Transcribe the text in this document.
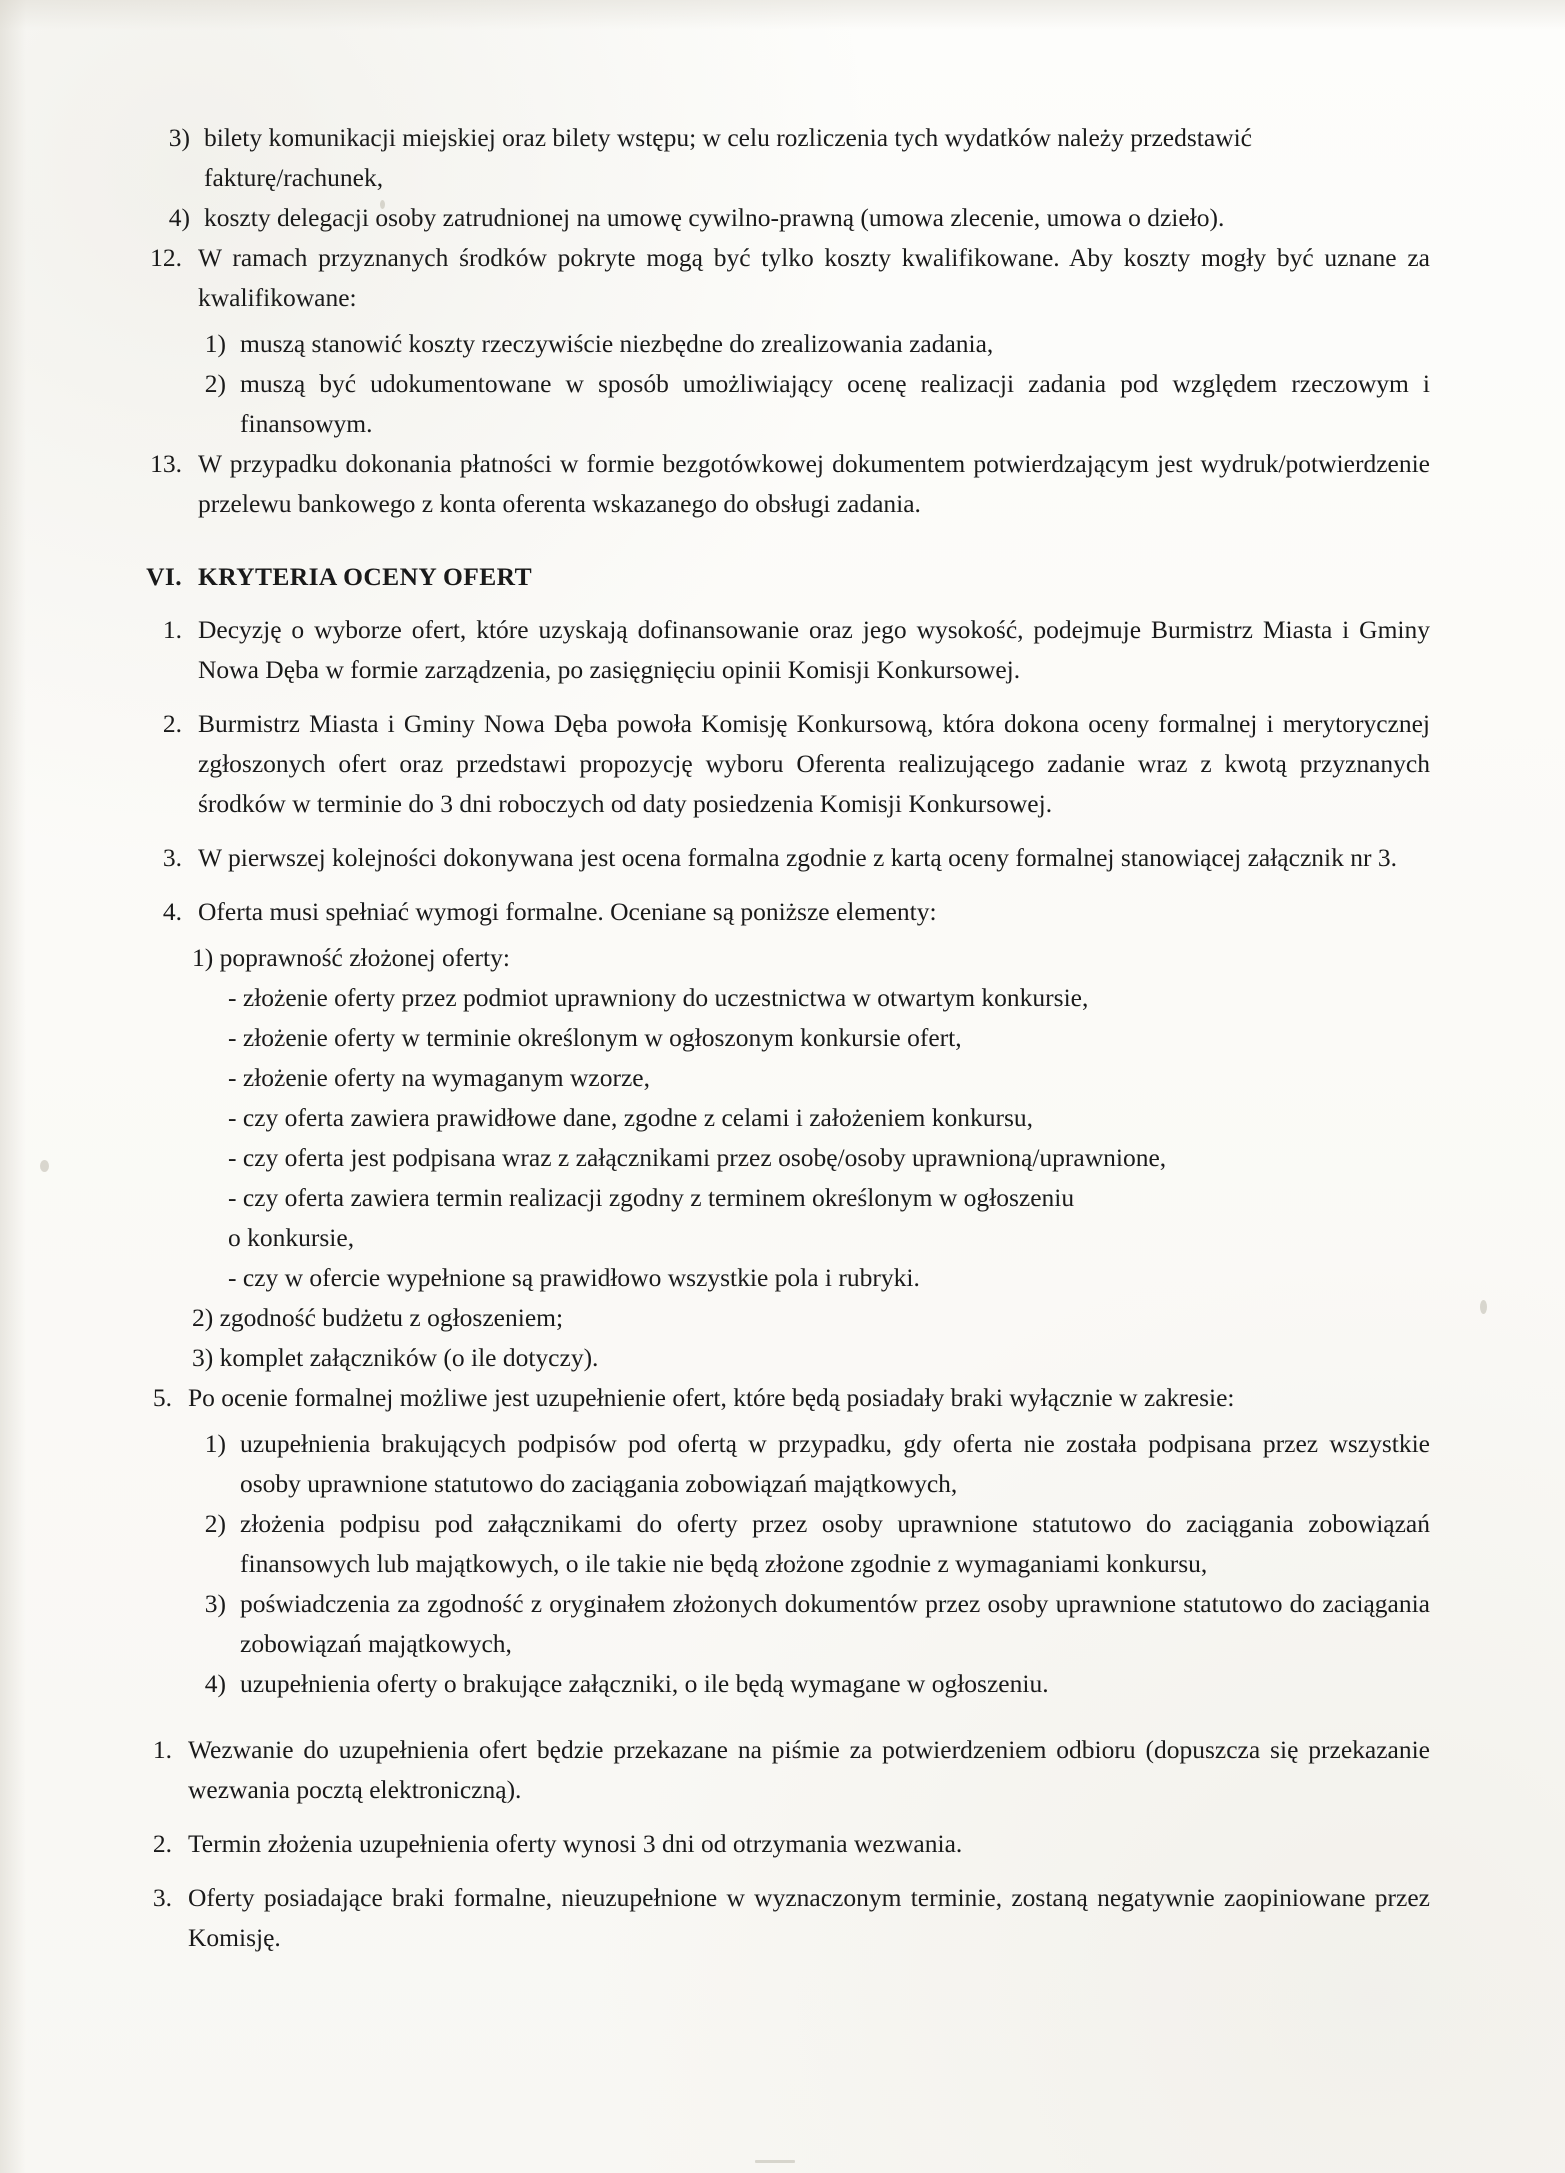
3) bilety komunikacji miejskiej oraz bilety wstępu; w celu rozliczenia tych wydatków należy przedstawić fakturę/rachunek,
4) koszty delegacji osoby zatrudnionej na umowę cywilno-prawną (umowa zlecenie, umowa o dzieło).
12. W ramach przyznanych środków pokryte mogą być tylko koszty kwalifikowane. Aby koszty mogły być uznane za kwalifikowane:
1) muszą stanowić koszty rzeczywiście niezbędne do zrealizowania zadania,
2) muszą być udokumentowane w sposób umożliwiający ocenę realizacji zadania pod względem rzeczowym i finansowym.
13. W przypadku dokonania płatności w formie bezgotówkowej dokumentem potwierdzającym jest wydruk/potwierdzenie przelewu bankowego z konta oferenta wskazanego do obsługi zadania.
VI. KRYTERIA OCENY OFERT
1. Decyzję o wyborze ofert, które uzyskają dofinansowanie oraz jego wysokość, podejmuje Burmistrz Miasta i Gminy Nowa Dęba w formie zarządzenia, po zasięgnięciu opinii Komisji Konkursowej.
2. Burmistrz Miasta i Gminy Nowa Dęba powoła Komisję Konkursową, która dokona oceny formalnej i merytorycznej zgłoszonych ofert oraz przedstawi propozycję wyboru Oferenta realizującego zadanie wraz z kwotą przyznanych środków w terminie do 3 dni roboczych od daty posiedzenia Komisji Konkursowej.
3. W pierwszej kolejności dokonywana jest ocena formalna zgodnie z kartą oceny formalnej stanowiącej załącznik nr 3.
4. Oferta musi spełniać wymogi formalne. Oceniane są poniższe elementy:
1) poprawność złożonej oferty:
- złożenie oferty przez podmiot uprawniony do uczestnictwa w otwartym konkursie,
- złożenie oferty w terminie określonym w ogłoszonym konkursie ofert,
- złożenie oferty na wymaganym wzorze,
- czy oferta zawiera prawidłowe dane, zgodne z celami i założeniem konkursu,
- czy oferta jest podpisana wraz z załącznikami przez osobę/osoby uprawnioną/uprawnione,
- czy oferta zawiera termin realizacji zgodny z terminem określonym w ogłoszeniu
o konkursie,
- czy w ofercie wypełnione są prawidłowo wszystkie pola i rubryki.
2) zgodność budżetu z ogłoszeniem;
3) komplet załączników (o ile dotyczy).
5. Po ocenie formalnej możliwe jest uzupełnienie ofert, które będą posiadały braki wyłącznie w zakresie:
1) uzupełnienia brakujących podpisów pod ofertą w przypadku, gdy oferta nie została podpisana przez wszystkie osoby uprawnione statutowo do zaciągania zobowiązań majątkowych,
2) złożenia podpisu pod załącznikami do oferty przez osoby uprawnione statutowo do zaciągania zobowiązań finansowych lub majątkowych, o ile takie nie będą złożone zgodnie z wymaganiami konkursu,
3) poświadczenia za zgodność z oryginałem złożonych dokumentów przez osoby uprawnione statutowo do zaciągania zobowiązań majątkowych,
4) uzupełnienia oferty o brakujące załączniki, o ile będą wymagane w ogłoszeniu.
1. Wezwanie do uzupełnienia ofert będzie przekazane na piśmie za potwierdzeniem odbioru (dopuszcza się przekazanie wezwania pocztą elektroniczną).
2. Termin złożenia uzupełnienia oferty wynosi 3 dni od otrzymania wezwania.
3. Oferty posiadające braki formalne, nieuzupełnione w wyznaczonym terminie, zostaną negatywnie zaopiniowane przez Komisję.
